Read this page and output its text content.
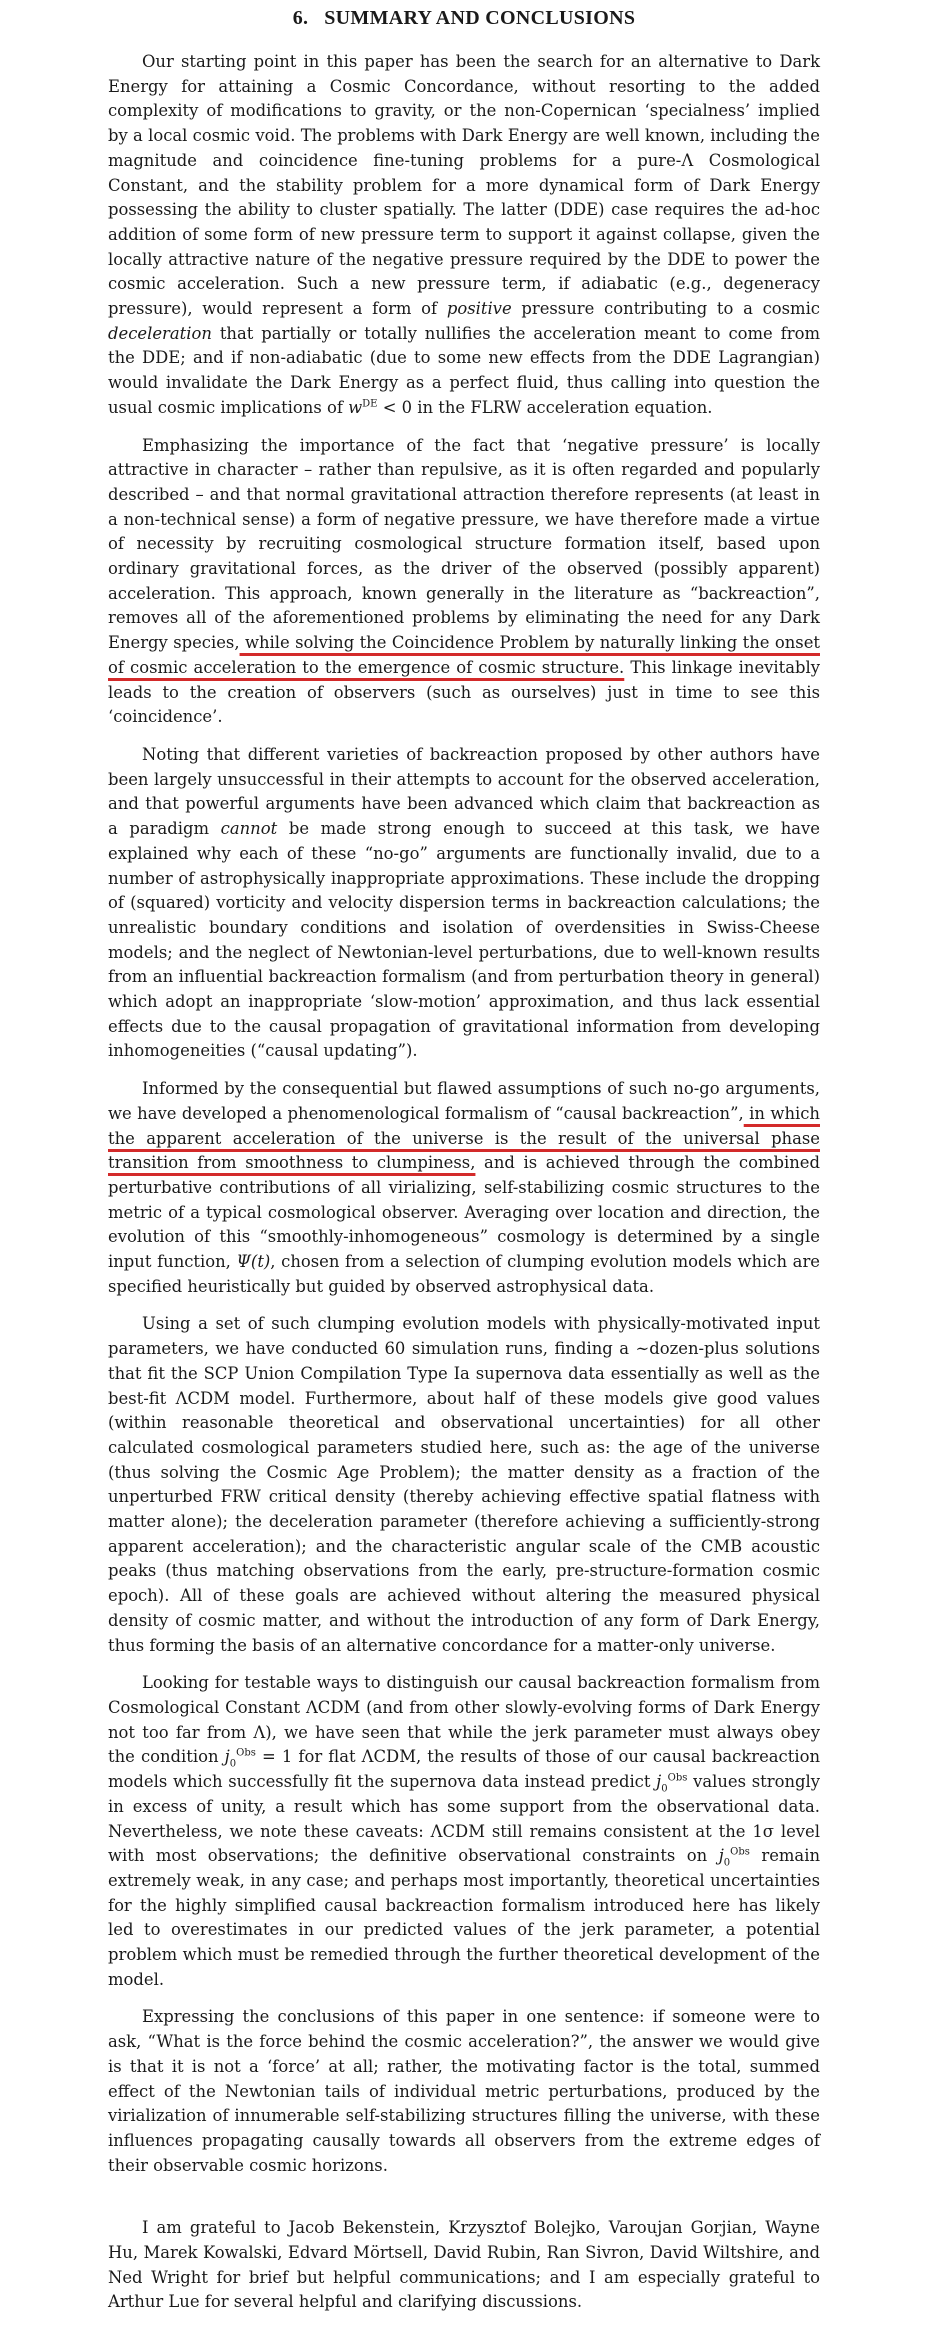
6. SUMMARY AND CONCLUSIONS

Our starting point in this paper has been the search for an alternative to Dark Energy for attaining a Cosmic Concordance, without resorting to the added complexity of modifications to gravity, or the non-Copernican ‘specialness’ implied by a local cosmic void. The problems with Dark Energy are well known, including the magnitude and coincidence fine-tuning problems for a pure-Λ Cosmological Constant, and the stability problem for a more dynamical form of Dark Energy possessing the ability to cluster spatially. The latter (DDE) case requires the ad-hoc addition of some form of new pressure term to support it against collapse, given the locally attractive nature of the negative pressure required by the DDE to power the cosmic acceleration. Such a new pressure term, if adiabatic (e.g., degeneracy pressure), would represent a form of positive pressure contributing to a cosmic deceleration that partially or totally nullifies the acceleration meant to come from the DDE; and if non-adiabatic (due to some new effects from the DDE Lagrangian) would invalidate the Dark Energy as a perfect fluid, thus calling into question the usual cosmic implications of $w^{DE} < 0$ in the FLRW acceleration equation.

Emphasizing the importance of the fact that ‘negative pressure’ is locally attractive in character – rather than repulsive, as it is often regarded and popularly described – and that normal gravitational attraction therefore represents (at least in a non-technical sense) a form of negative pressure, we have therefore made a virtue of necessity by recruiting cosmological structure formation itself, based upon ordinary gravitational forces, as the driver of the observed (possibly apparent) acceleration. This approach, known generally in the literature as “backreaction”, removes all of the aforementioned problems by eliminating the need for any Dark Energy species, while solving the Coincidence Problem by naturally linking the onset of cosmic acceleration to the emergence of cosmic structure. This linkage inevitably leads to the creation of observers (such as ourselves) just in time to see this ‘coincidence’.

Noting that different varieties of backreaction proposed by other authors have been largely unsuccessful in their attempts to account for the observed acceleration, and that powerful arguments have been advanced which claim that backreaction as a paradigm cannot be made strong enough to succeed at this task, we have explained why each of these “no-go” arguments are functionally invalid, due to a number of astrophysically inappropriate approximations. These include the dropping of (squared) vorticity and velocity dispersion terms in backreaction calculations; the unrealistic boundary conditions and isolation of overdensities in Swiss-Cheese models; and the neglect of Newtonian-level perturbations, due to well-known results from an influential backreaction formalism (and from perturbation theory in general) which adopt an inappropriate ‘slow-motion’ approximation, and thus lack essential effects due to the causal propagation of gravitational information from developing inhomogeneities (“causal updating”).

Informed by the consequential but flawed assumptions of such no-go arguments, we have developed a phenomenological formalism of “causal backreaction”, in which the apparent acceleration of the universe is the result of the universal phase transition from smoothness to clumpiness, and is achieved through the combined perturbative contributions of all virializing, self-stabilizing cosmic structures to the metric of a typical cosmological observer. Averaging over location and direction, the evolution of this “smoothly-inhomogeneous” cosmology is determined by a single input function, Ψ(t), chosen from a selection of clumping evolution models which are specified heuristically but guided by observed astrophysical data.

Using a set of such clumping evolution models with physically-motivated input parameters, we have conducted 60 simulation runs, finding a ∼dozen-plus solutions that fit the SCP Union Compilation Type Ia supernova data essentially as well as the best-fit ΛCDM model. Furthermore, about half of these models give good values (within reasonable theoretical and observational uncertainties) for all other calculated cosmological parameters studied here, such as: the age of the universe (thus solving the Cosmic Age Problem); the matter density as a fraction of the unperturbed FRW critical density (thereby achieving effective spatial flatness with matter alone); the deceleration parameter (therefore achieving a sufficiently-strong apparent acceleration); and the characteristic angular scale of the CMB acoustic peaks (thus matching observations from the early, pre-structure-formation cosmic epoch). All of these goals are achieved without altering the measured physical density of cosmic matter, and without the introduction of any form of Dark Energy, thus forming the basis of an alternative concordance for a matter-only universe.

Looking for testable ways to distinguish our causal backreaction formalism from Cosmological Constant ΛCDM (and from other slowly-evolving forms of Dark Energy not too far from Λ), we have seen that while the jerk parameter must always obey the condition $j_0^{Obs} = 1$ for flat ΛCDM, the results of those of our causal backreaction models which successfully fit the supernova data instead predict $j_0^{Obs}$ values strongly in excess of unity, a result which has some support from the observational data. Nevertheless, we note these caveats: ΛCDM still remains consistent at the 1σ level with most observations; the definitive observational constraints on $j_0^{Obs}$ remain extremely weak, in any case; and perhaps most importantly, theoretical uncertainties for the highly simplified causal backreaction formalism introduced here has likely led to overestimates in our predicted values of the jerk parameter, a potential problem which must be remedied through the further theoretical development of the model.

Expressing the conclusions of this paper in one sentence: if someone were to ask, “What is the force behind the cosmic acceleration?”, the answer we would give is that it is not a ‘force’ at all; rather, the motivating factor is the total, summed effect of the Newtonian tails of individual metric perturbations, produced by the virialization of innumerable self-stabilizing structures filling the universe, with these influences propagating causally towards all observers from the extreme edges of their observable cosmic horizons.

I am grateful to Jacob Bekenstein, Krzysztof Bolejko, Varoujan Gorjian, Wayne Hu, Marek Kowalski, Edvard Mörtsell, David Rubin, Ran Sivron, David Wiltshire, and Ned Wright for brief but helpful communications; and I am especially grateful to Arthur Lue for several helpful and clarifying discussions.
